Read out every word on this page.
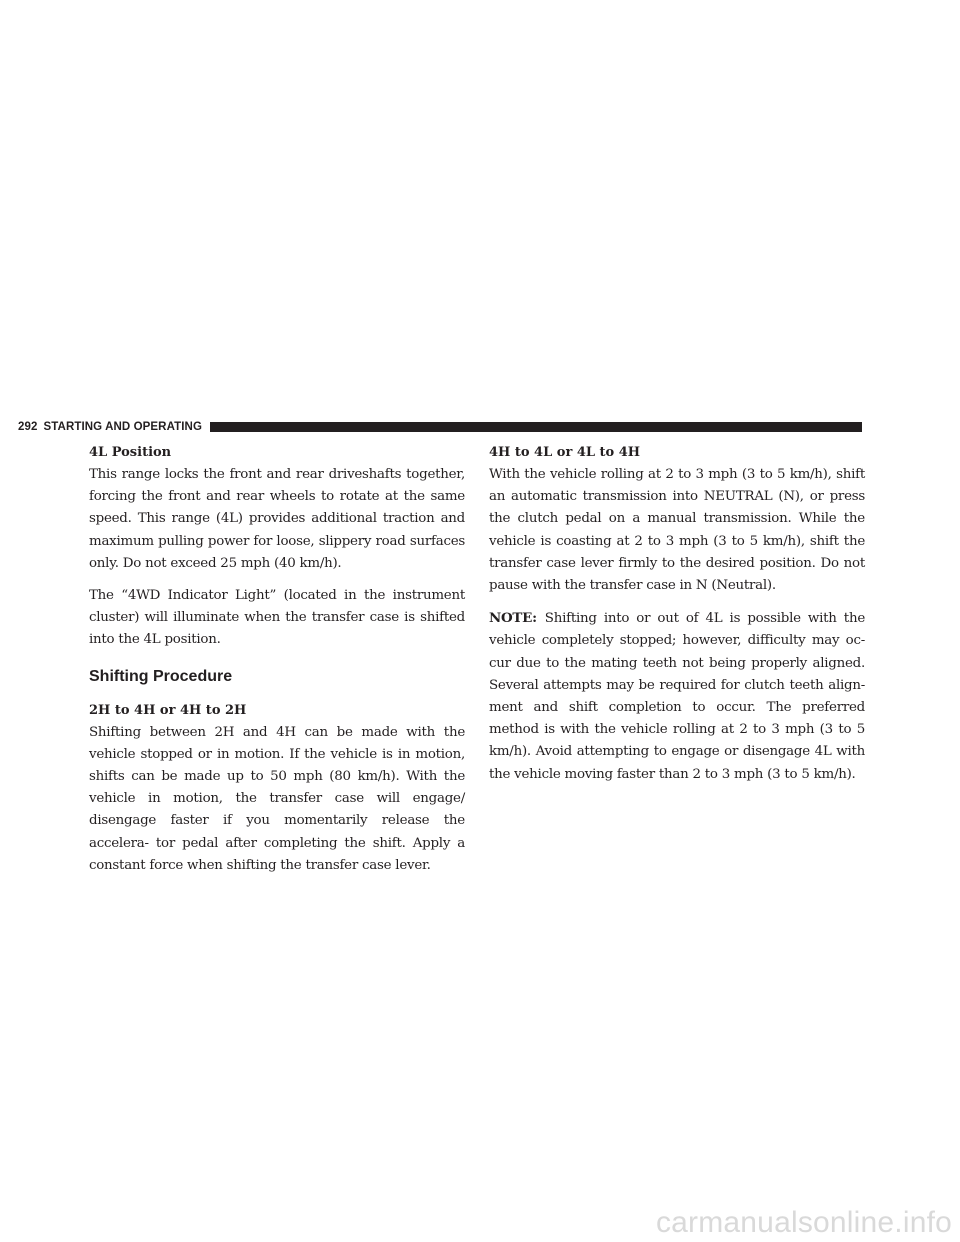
292 STARTING AND OPERATING

4L Position

This range locks the front and rear driveshafts together, forcing the front and rear wheels to rotate at the same speed. This range (4L) provides additional traction and maximum pulling power for loose, slippery road surfaces only. Do not exceed 25 mph (40 km/h).

The “4WD Indicator Light” (located in the instrument cluster) will illuminate when the transfer case is shifted into the 4L position.

Shifting Procedure

2H to 4H or 4H to 2H

Shifting between 2H and 4H can be made with the vehicle stopped or in motion. If the vehicle is in motion, shifts can be made up to 50 mph (80 km/h). With the vehicle in motion, the transfer case will engage/ disengage faster if you momentarily release the accelera- tor pedal after completing the shift. Apply a constant force when shifting the transfer case lever.

4H to 4L or 4L to 4H

With the vehicle rolling at 2 to 3 mph (3 to 5 km/h), shift an automatic transmission into NEUTRAL (N), or press the clutch pedal on a manual transmission. While the vehicle is coasting at 2 to 3 mph (3 to 5 km/h), shift the transfer case lever firmly to the desired position. Do not pause with the transfer case in N (Neutral).

NOTE: Shifting into or out of 4L is possible with the vehicle completely stopped; however, difficulty may oc- cur due to the mating teeth not being properly aligned. Several attempts may be required for clutch teeth align- ment and shift completion to occur. The preferred method is with the vehicle rolling at 2 to 3 mph (3 to 5 km/h). Avoid attempting to engage or disengage 4L with the vehicle moving faster than 2 to 3 mph (3 to 5 km/h).

carmanualsonline.info
